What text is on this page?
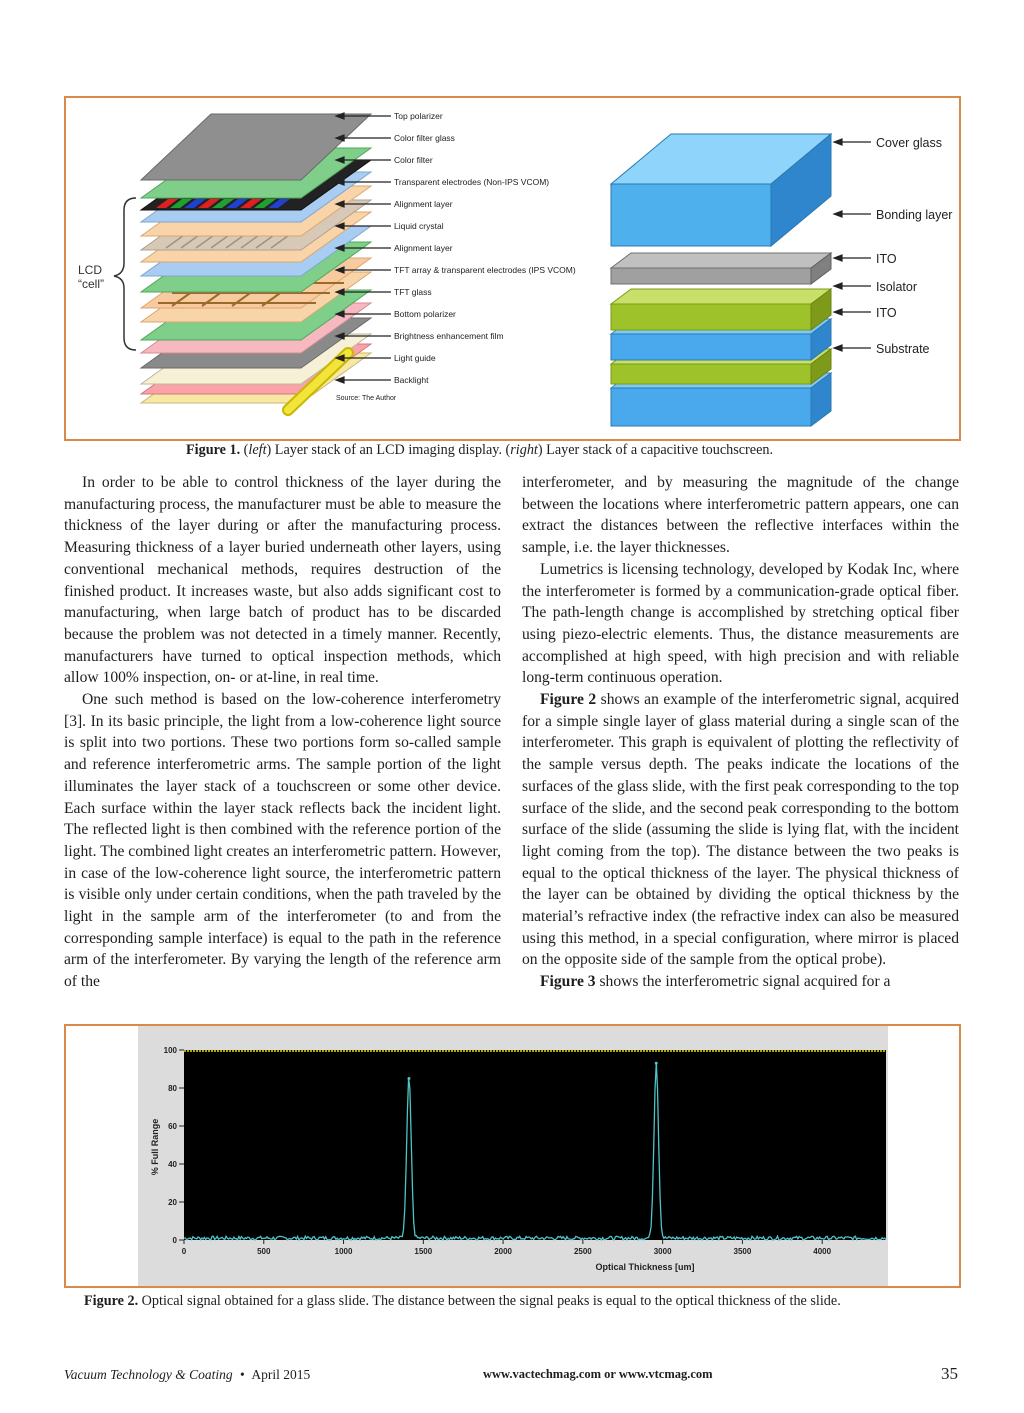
LCD
“cell”
Top polarizer
Color filter glass
Color filter
Transparent electrodes (Non-IPS VCOM)
Alignment layer
Liquid crystal
Alignment layer
TFT array & transparent electrodes (IPS VCOM)
TFT glass
Bottom polarizer
Brightness enhancement film
Light guide
Backlight
Source: The Author
Cover glass
Bonding layer
ITO
Isolator
ITO
Substrate
Figure 1. (left) Layer stack of an LCD imaging display. (right) Layer stack of a capacitive touchscreen.

In order to be able to control thickness of the layer during the manufacturing process, the manufacturer must be able to measure the thickness of the layer during or after the manufacturing process. Measuring thickness of a layer buried underneath other layers, using conventional mechanical methods, requires destruction of the finished product. It increases waste, but also adds significant cost to manufacturing, when large batch of product has to be discarded because the problem was not detected in a timely manner. Recently, manufacturers have turned to optical inspection methods, which allow 100% inspection, on- or at-line, in real time.

One such method is based on the low-coherence interferometry [3]. In its basic principle, the light from a low-coherence light source is split into two portions. These two portions form so-called sample and reference interferometric arms. The sample portion of the light illuminates the layer stack of a touchscreen or some other device. Each surface within the layer stack reflects back the incident light. The reflected light is then combined with the reference portion of the light. The combined light creates an interferometric pattern. However, in case of the low-coherence light source, the interferometric pattern is visible only under certain conditions, when the path traveled by the light in the sample arm of the interferometer (to and from the corresponding sample interface) is equal to the path in the reference arm of the interferometer. By varying the length of the reference arm of the

interferometer, and by measuring the magnitude of the change between the locations where interferometric pattern appears, one can extract the distances between the reflective interfaces within the sample, i.e. the layer thicknesses.

Lumetrics is licensing technology, developed by Kodak Inc, where the interferometer is formed by a communication-grade optical fiber. The path-length change is accomplished by stretching optical fiber using piezo-electric elements. Thus, the distance measurements are accomplished at high speed, with high precision and with reliable long-term continuous operation.

Figure 2 shows an example of the interferometric signal, acquired for a simple single layer of glass material during a single scan of the interferometer. This graph is equivalent of plotting the reflectivity of the sample versus depth. The peaks indicate the locations of the surfaces of the glass slide, with the first peak corresponding to the top surface of the slide, and the second peak corresponding to the bottom surface of the slide (assuming the slide is lying flat, with the incident light coming from the top). The distance between the two peaks is equal to the optical thickness of the layer. The physical thickness of the layer can be obtained by dividing the optical thickness by the material’s refractive index (the refractive index can also be measured using this method, in a special configuration, where mirror is placed on the opposite side of the sample from the optical probe).

Figure 3 shows the interferometric signal acquired for a

0
20
40
60
80
100
0	500	1000	1500	2000	2500	3000	3500	4000
Optical Thickness [um]
% Full Range
Figure 2. Optical signal obtained for a glass slide. The distance between the signal peaks is equal to the optical thickness of the slide.
Vacuum Technology & Coating • April 2015	www.vactechmag.com or www.vtcmag.com	35
